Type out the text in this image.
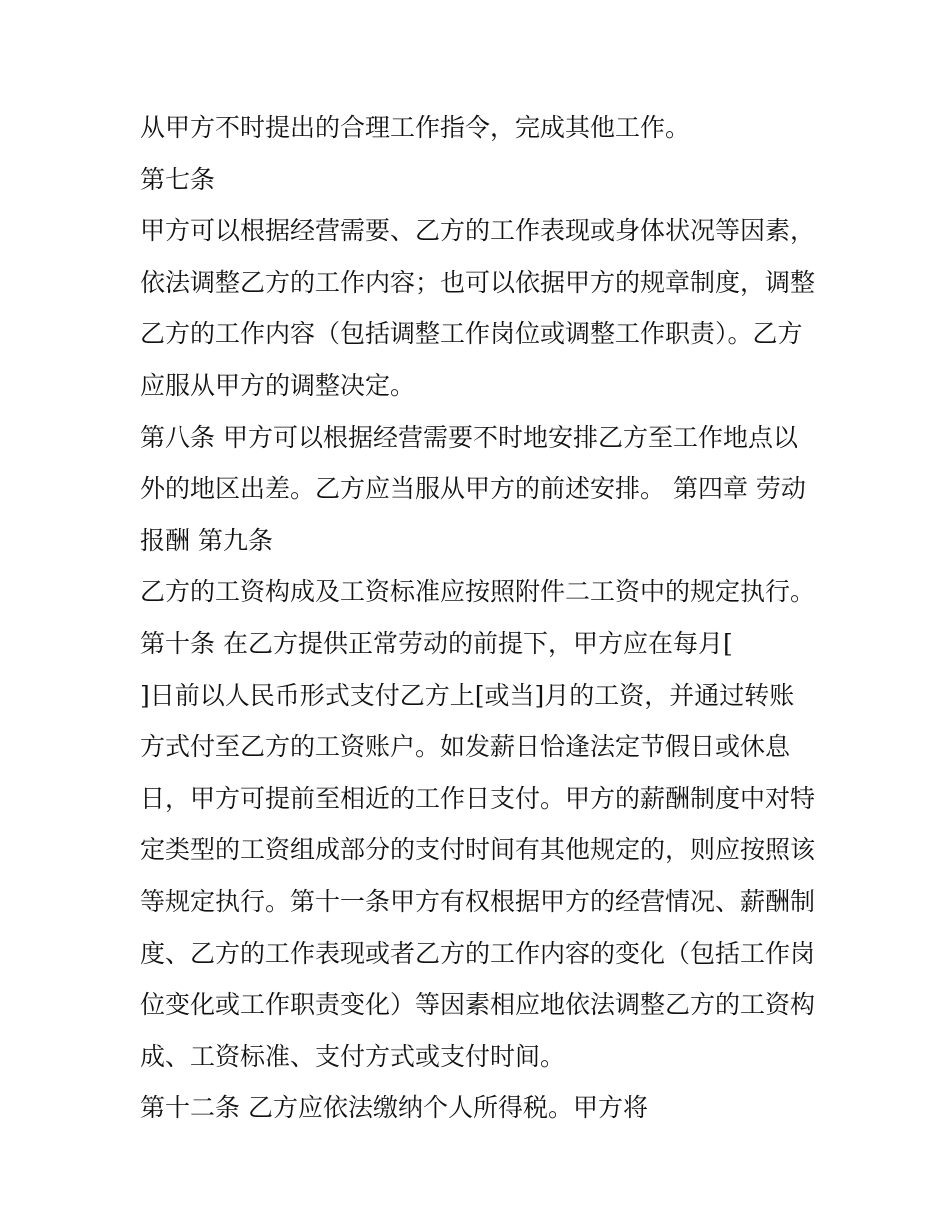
从甲方不时提出的合理工作指令，完成其他工作。

第七条

甲方可以根据经营需要、乙方的工作表现或身体状况等因素，

依法调整乙方的工作内容；也可以依据甲方的规章制度，调整

乙方的工作内容（包括调整工作岗位或调整工作职责）。乙方

应服从甲方的调整决定。

第八条 甲方可以根据经营需要不时地安排乙方至工作地点以

外的地区出差。乙方应当服从甲方的前述安排。 第四章 劳动

报酬 第九条

乙方的工资构成及工资标准应按照附件二工资中的规定执行。

第十条 在乙方提供正常劳动的前提下，甲方应在每月[

]日前以人民币形式支付乙方上[或当]月的工资，并通过转账

方式付至乙方的工资账户。如发薪日恰逢法定节假日或休息

日，甲方可提前至相近的工作日支付。甲方的薪酬制度中对特

定类型的工资组成部分的支付时间有其他规定的，则应按照该

等规定执行。第十一条甲方有权根据甲方的经营情况、薪酬制

度、乙方的工作表现或者乙方的工作内容的变化（包括工作岗

位变化或工作职责变化）等因素相应地依法调整乙方的工资构

成、工资标准、支付方式或支付时间。

第十二条 乙方应依法缴纳个人所得税。甲方将
